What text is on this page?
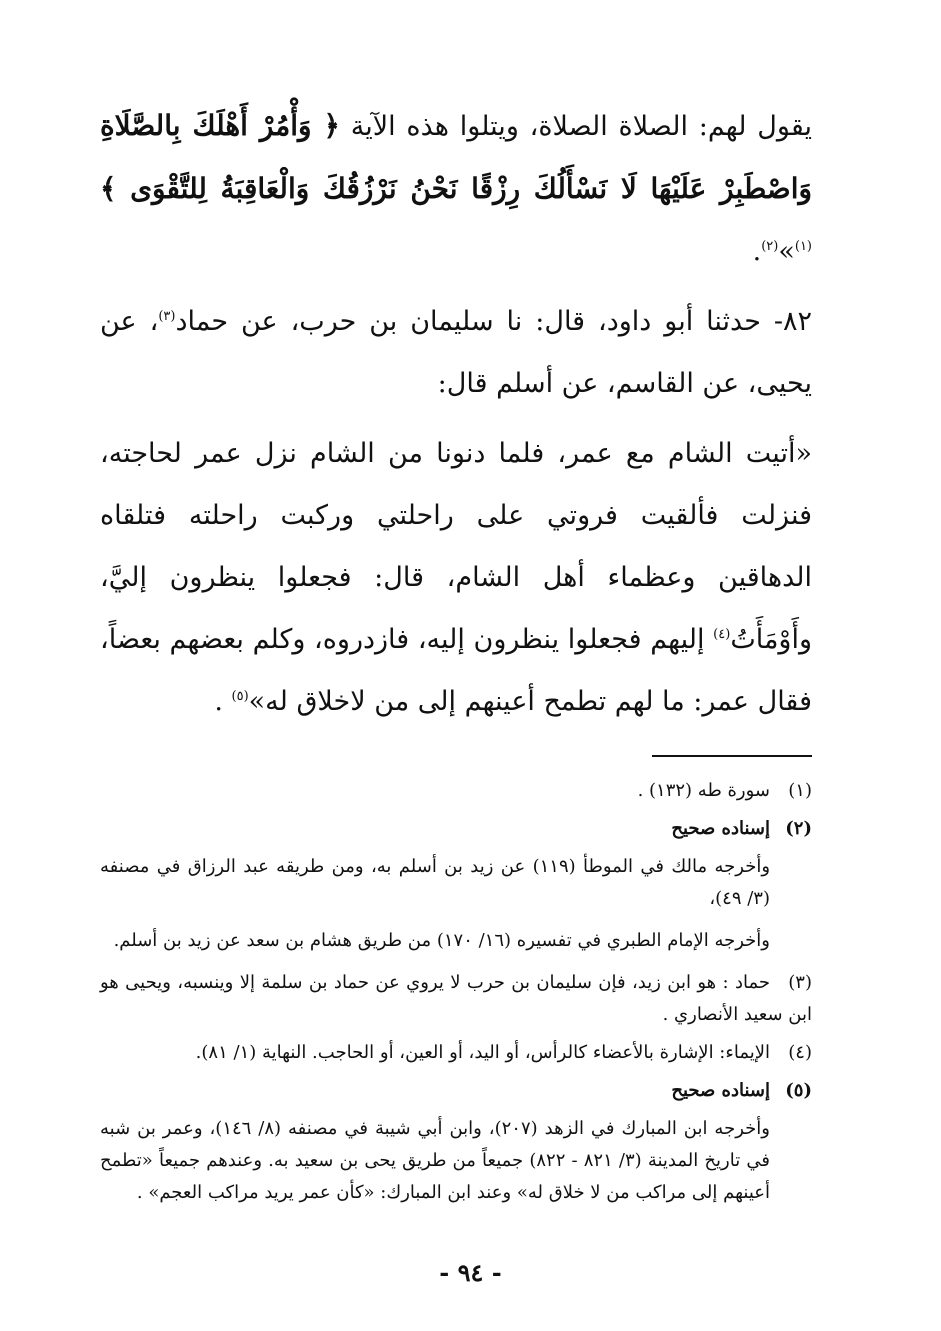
يقول لهم: الصلاة الصلاة، ويتلوا هذه الآية ﴿ وَأْمُرْ أَهْلَكَ بِالصَّلَاةِ وَاصْطَبِرْ عَلَيْهَا لَا نَسْأَلُكَ رِزْقًا نَحْنُ نَرْزُقُكَ وَالْعَاقِبَةُ لِلتَّقْوَى ﴾$^{(١)}$»$^{(٢)}$.

٨٢- حدثنا أبو داود، قال: نا سليمان بن حرب، عن حماد$^{(٣)}$، عن يحيى، عن القاسم، عن أسلم قال:

«أتيت الشام مع عمر، فلما دنونا من الشام نزل عمر لحاجته، فنزلت فألقيت فروتي على راحلتي وركبت راحلته فتلقاه الدهاقين وعظماء أهل الشام، قال: فجعلوا ينظرون إليَّ، وأَوْمَأَتُ$^{(٤)}$ إليهم فجعلوا ينظرون إليه، فازدروه، وكلم بعضهم بعضاً، فقال عمر: ما لهم تطمح أعينهم إلى من لاخلاق له»$^{(٥)}$ .

(١)سورة طه (١٣٢) .

(٢)إسناده صحيح

وأخرجه مالك في الموطأ (١١٩) عن زيد بن أسلم به، ومن طريقه عبد الرزاق في مصنفه (٣/ ٤٩)،

وأخرجه الإمام الطبري في تفسيره (١٦/ ١٧٠) من طريق هشام بن سعد عن زيد بن أسلم.

(٣)حماد : هو ابن زيد، فإن سليمان بن حرب لا يروي عن حماد بن سلمة إلا وينسبه، ويحيى هو ابن سعيد الأنصاري .

(٤)الإيماء: الإشارة بالأعضاء كالرأس، أو اليد، أو العين، أو الحاجب. النهاية (١/ ٨١).

(٥)إسناده صحيح

وأخرجه ابن المبارك في الزهد (٢٠٧)، وابن أبي شيبة في مصنفه (٨/ ١٤٦)، وعمر بن شبه في تاريخ المدينة (٣/ ٨٢١ - ٨٢٢) جميعاً من طريق يحى بن سعيد به. وعندهم جميعاً «تطمح أعينهم إلى مراكب من لا خلاق له» وعند ابن المبارك: «كأن عمر يريد مراكب العجم» .

- ٩٤ -
